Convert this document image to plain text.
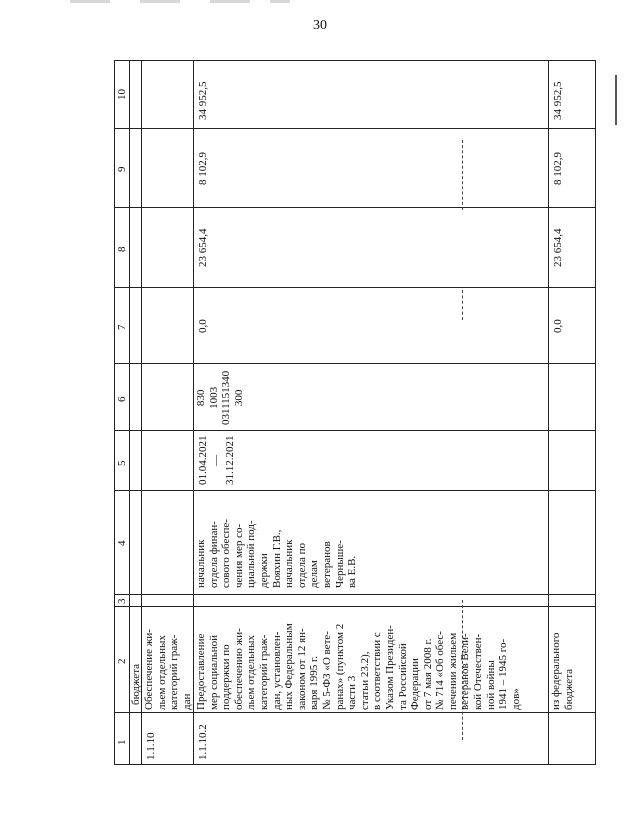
30
10
9
8
7
6
5
4
3
2
1
бюджета
1.1.10
Обеспечение жи-
льем отдельных
категорий граж-
дан
1.1.10.2
Предоставление
мер социальной
поддержки по
обеспечению жи-
льем отдельных
категорий граж-
дан, установлен-
ных Федеральным
законом от 12 ян-
варя 1995 г.
№ 5-ФЗ «О вете-
ранах» (пунктом 2
части 3
статьи 23.2),
в соответствии с
Указом Президен-
та Российской
Федерации
от 7 мая 2008 г.
№ 714 «Об обес-
печении жильем
ветеранов Вели-
кой Отечествен-
ной войны
1941 – 1945 го-
дов»
начальник
отдела финан-
сового обеспе-
чения мер со-
циальной под-
держки
Вояхин Г.В.,
начальник
отдела по
делам
ветеранов
Чернышe-
ва Е.В.
01.04.2021 — 31.12.2021
830
1003
0311151340
300
0,0
23 654,4
8 102,9
34 952,5
из федерального
бюджета
0,0
23 654,4
8 102,9
34 952,5
